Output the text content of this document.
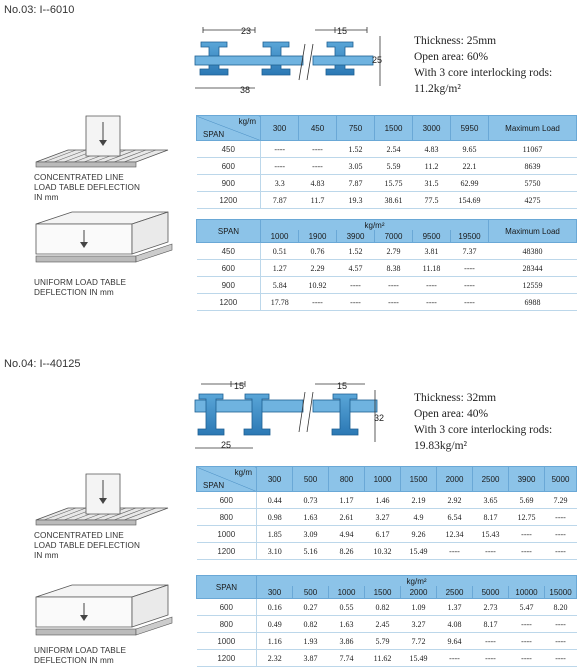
No.03: I--6010
23	15
25
38
Thickness: 25mm
Open area: 60%
With 3 core interlocking rods:
11.2kg/m²
CONCENTRATED LINE
LOAD TABLE DEFLECTION
IN mm
kg/m
SPAN	300	450	750	1500	3000	5950	Maximum Load
450	----	----	1.52	2.54	4.83	9.65	11067
600	----	----	3.05	5.59	11.2	22.1	8639
900	3.3	4.83	7.87	15.75	31.5	62.99	5750
1200	7.87	11.7	19.3	38.61	77.5	154.69	4275
UNIFORM LOAD TABLE
DEFLECTION IN mm
SPAN	kg/m²						Maximum Load
	1000	1900	3900	7000	9500	19500	
450	0.51	0.76	1.52	2.79	3.81	7.37	48380
600	1.27	2.29	4.57	8.38	11.18	----	28344
900	5.84	10.92	----	----	----	----	12559
1200	17.78	----	----	----	----	----	6988
No.04: I--40125
15	15
32
25
Thickness: 32mm
Open area: 40%
With 3 core interlocking rods:
19.83kg/m²
CONCENTRATED LINE
LOAD TABLE DEFLECTION
IN mm
kg/m
SPAN	300	500	800	1000	1500	2000	2500	3900	5000
600	0.44	0.73	1.17	1.46	2.19	2.92	3.65	5.69	7.29
800	0.98	1.63	2.61	3.27	4.9	6.54	8.17	12.75	----
1000	1.85	3.09	4.94	6.17	9.26	12.34	15.43	----	----
1200	3.10	5.16	8.26	10.32	15.49	----	----	----	----
UNIFORM LOAD TABLE
DEFLECTION IN mm
SPAN	kg/m²								
	300	500	1000	1500	2000	2500	5000	10000	15000
600	0.16	0.27	0.55	0.82	1.09	1.37	2.73	5.47	8.20
800	0.49	0.82	1.63	2.45	3.27	4.08	8.17	----	----
1000	1.16	1.93	3.86	5.79	7.72	9.64	----	----	----
1200	2.32	3.87	7.74	11.62	15.49	----	----	----	----
